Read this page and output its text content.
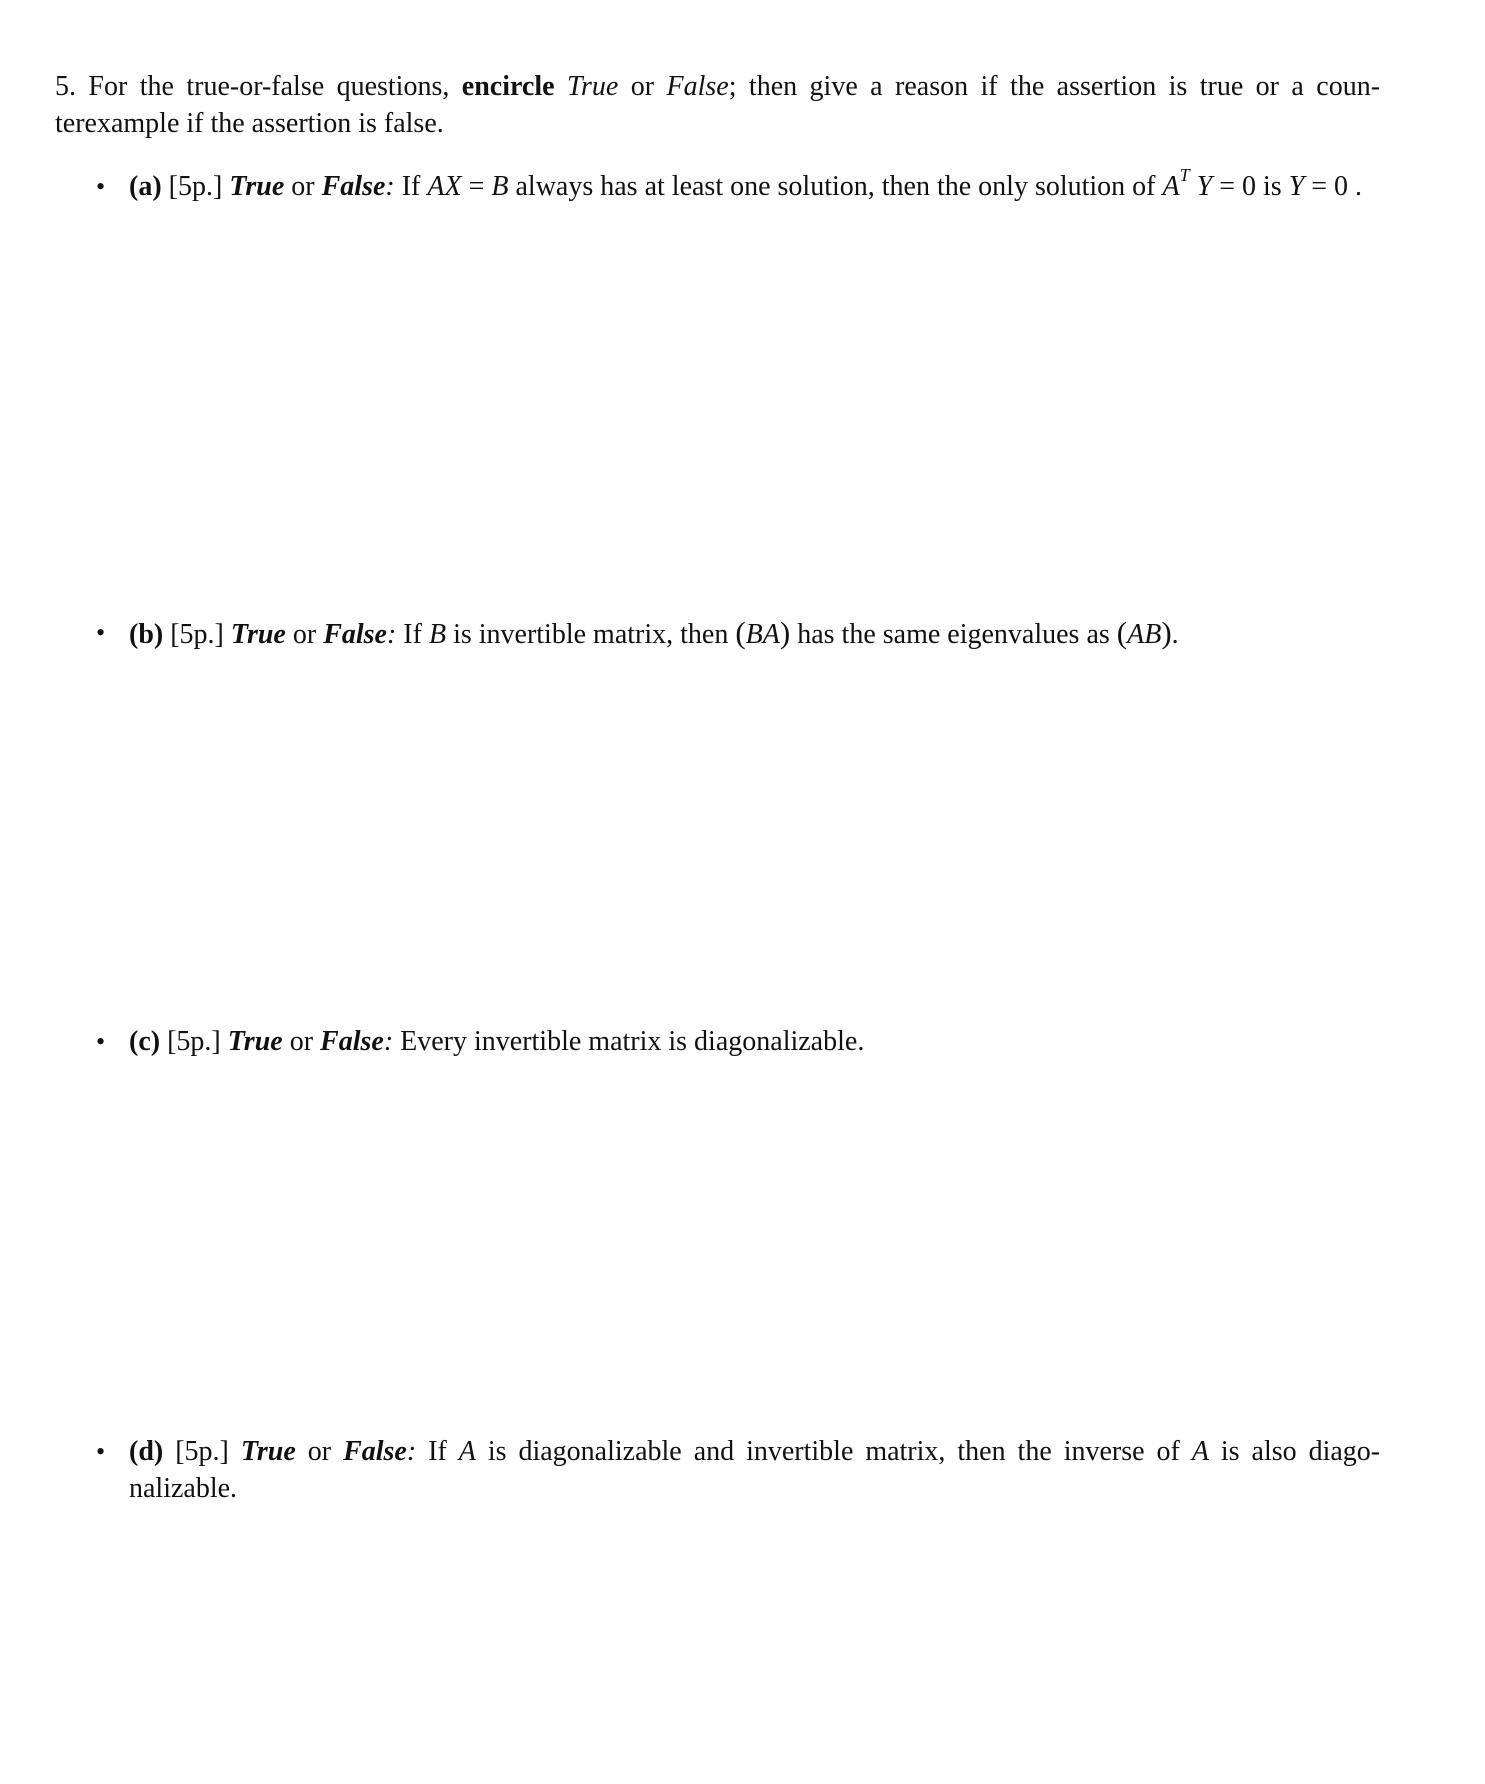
5. For the true-or-false questions, encircle True or False; then give a reason if the assertion is true or a coun-terexample if the assertion is false.
• (a) [5p.] True or False: If AX = B always has at least one solution, then the only solution of $A^T$ Y = 0 is Y = 0 .
• (b) [5p.] True or False: If B is invertible matrix, then (BA) has the same eigenvalues as (AB).
• (c) [5p.] True or False: Every invertible matrix is diagonalizable.
• (d) [5p.] True or False: If A is diagonalizable and invertible matrix, then the inverse of A is also diago-nalizable.
